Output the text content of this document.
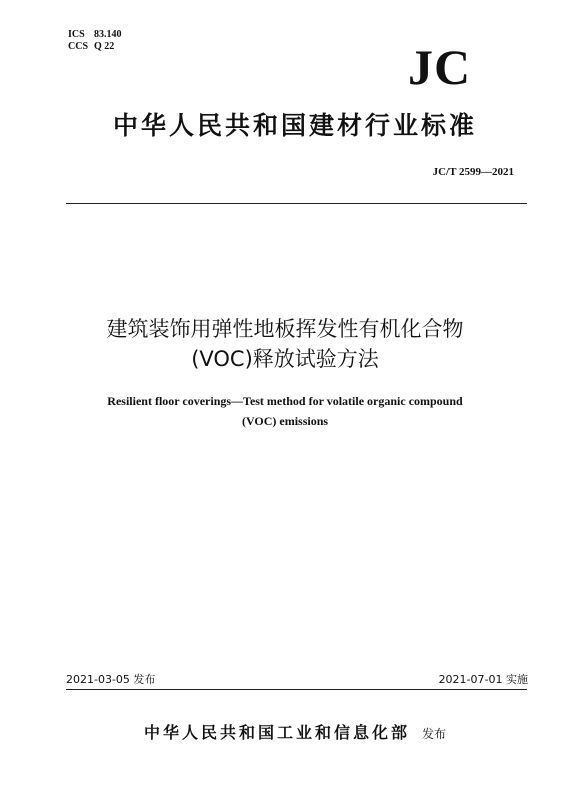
ICS 83.140
CCS Q 22	JC
中华人民共和国建材行业标准
JC/T 2599—2021
建筑装饰用弹性地板挥发性有机化合物
(VOC)释放试验方法
Resilient floor coverings—Test method for volatile organic compound
(VOC) emissions
2021-03-05 发布	2021-07-01 实施
中华人民共和国工业和信息化部 发布
